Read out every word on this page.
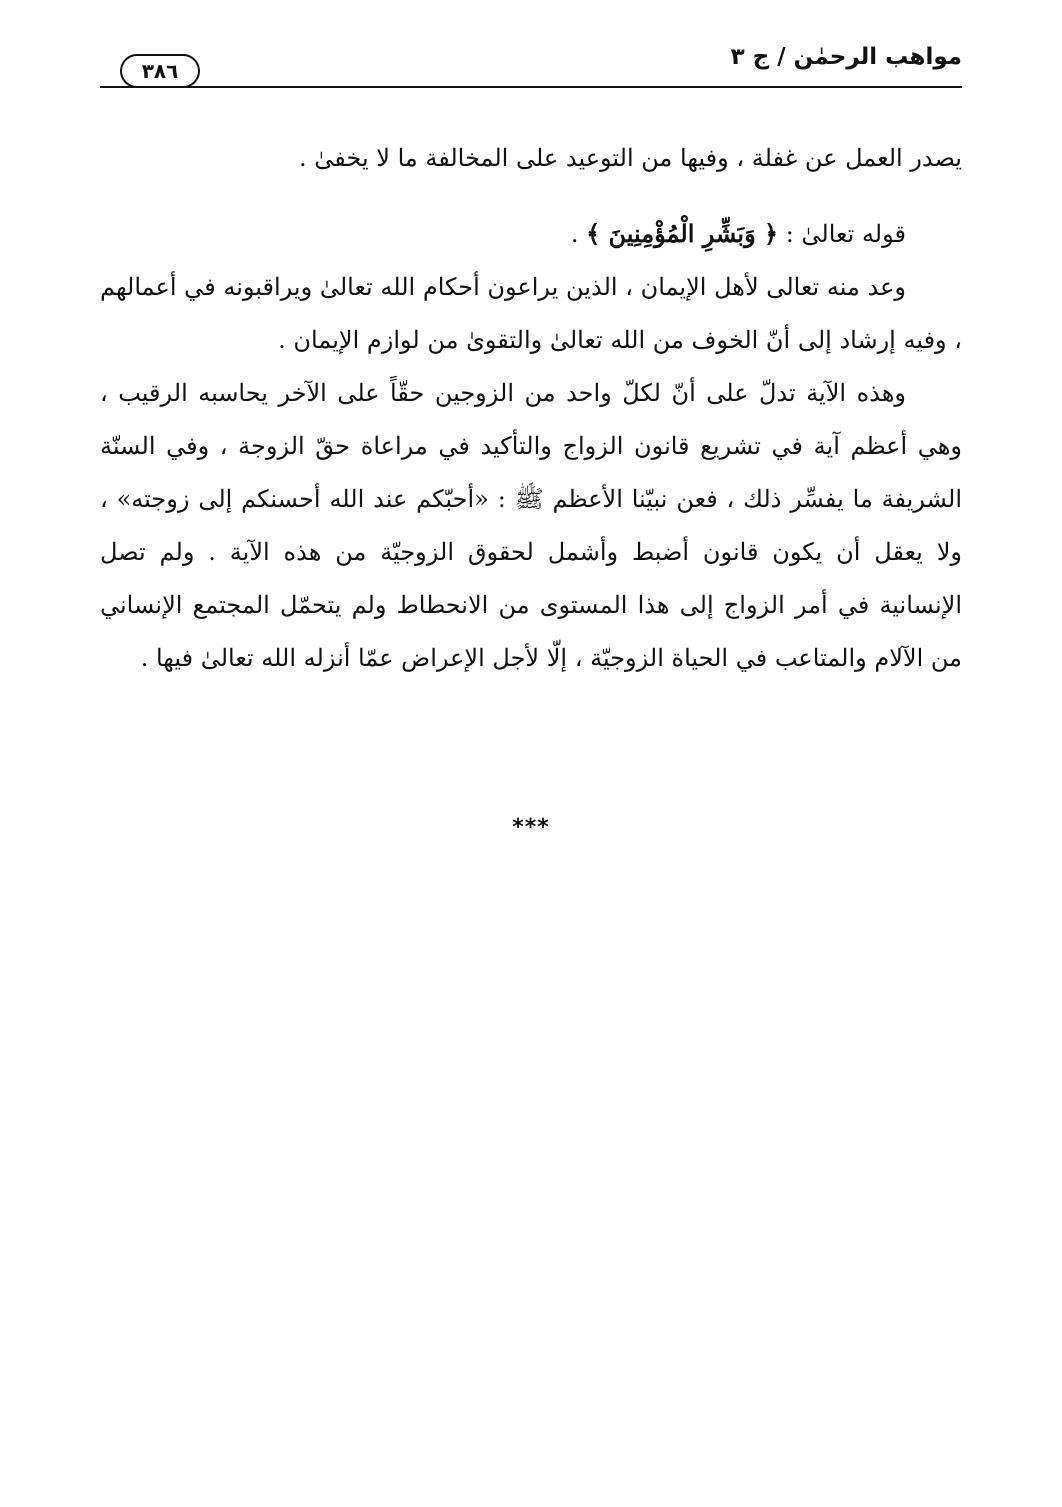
مواهب الرحمٰن / ج ٣
٣٨٦

يصدر العمل عن غفلة ، وفيها من التوعيد على المخالفة ما لا يخفىٰ .

قوله تعالىٰ : ﴿ وَبَشِّرِ الْمُؤْمِنِينَ ﴾ .

وعد منه تعالى لأهل الإيمان ، الذين يراعون أحكام الله تعالىٰ ويراقبونه في أعمالهم ، وفيه إرشاد إلى أنّ الخوف من الله تعالىٰ والتقوىٰ من لوازم الإيمان .

وهذه الآية تدلّ على أنّ لكلّ واحد من الزوجين حقّاً على الآخر يحاسبه الرقيب ، وهي أعظم آية في تشريع قانون الزواج والتأكيد في مراعاة حقّ الزوجة ، وفي السنّة الشريفة ما يفسِّر ذلك ، فعن نبيّنا الأعظم ﷺ : «أحبّكم عند الله أحسنكم إلى زوجته» ، ولا يعقل أن يكون قانون أضبط وأشمل لحقوق الزوجيّة من هذه الآية . ولم تصل الإنسانية في أمر الزواج إلى هذا المستوى من الانحطاط ولم يتحمّل المجتمع الإنساني من الآلام والمتاعب في الحياة الزوجيّة ، إلّا لأجل الإعراض عمّا أنزله الله تعالىٰ فيها .

***
